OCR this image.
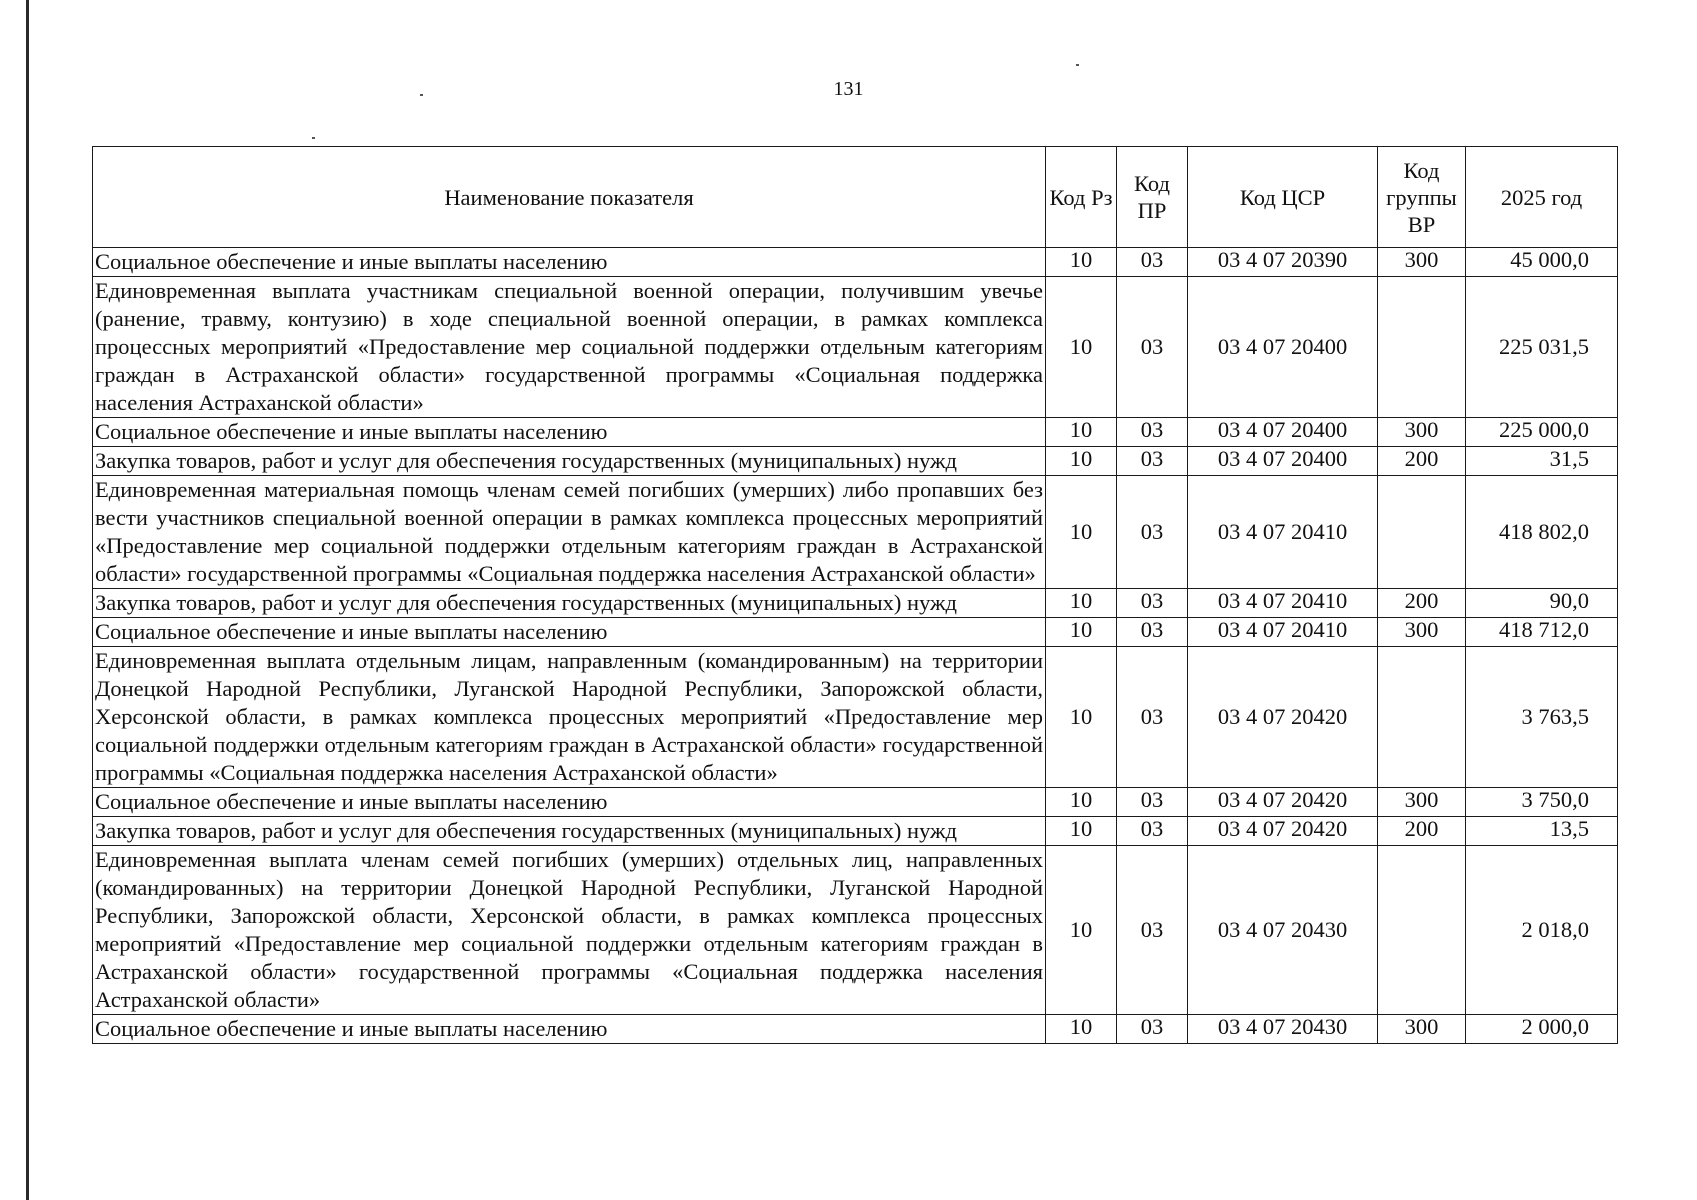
131
Наименование показателя	Код Рз	Код ПР	Код ЦСР	Код группы ВР	2025 год
Социальное обеспечение и иные выплаты населению	10	03	03 4 07 20390	300	45 000,0
Единовременная выплата участникам специальной военной операции, получившим увечье (ранение, травму, контузию) в ходе специальной военной операции, в рамках комплекса процессных мероприятий «Предоставление мер социальной поддержки отдельным категориям граждан в Астраханской области» государственной программы «Социальная поддержка населения Астраханской области»	10	03	03 4 07 20400		225 031,5
Социальное обеспечение и иные выплаты населению	10	03	03 4 07 20400	300	225 000,0
Закупка товаров, работ и услуг для обеспечения государственных (муниципальных) нужд	10	03	03 4 07 20400	200	31,5
Единовременная материальная помощь членам семей погибших (умерших) либо пропавших без вести участников специальной военной операции в рамках комплекса процессных мероприятий «Предоставление мер социальной поддержки отдельным категориям граждан в Астраханской области» государственной программы «Социальная поддержка населения Астраханской области»	10	03	03 4 07 20410		418 802,0
Закупка товаров, работ и услуг для обеспечения государственных (муниципальных) нужд	10	03	03 4 07 20410	200	90,0
Социальное обеспечение и иные выплаты населению	10	03	03 4 07 20410	300	418 712,0
Единовременная выплата отдельным лицам, направленным (командированным) на территории Донецкой Народной Республики, Луганской Народной Республики, Запорожской области, Херсонской области, в рамках комплекса процессных мероприятий «Предоставление мер социальной поддержки отдельным категориям граждан в Астраханской области» государственной программы «Социальная поддержка населения Астраханской области»	10	03	03 4 07 20420		3 763,5
Социальное обеспечение и иные выплаты населению	10	03	03 4 07 20420	300	3 750,0
Закупка товаров, работ и услуг для обеспечения государственных (муниципальных) нужд	10	03	03 4 07 20420	200	13,5
Единовременная выплата членам семей погибших (умерших) отдельных лиц, направленных (командированных) на территории Донецкой Народной Республики, Луганской Народной Республики, Запорожской области, Херсонской области, в рамках комплекса процессных мероприятий «Предоставление мер социальной поддержки отдельным категориям граждан в Астраханской области» государственной программы «Социальная поддержка населения Астраханской области»	10	03	03 4 07 20430		2 018,0
Социальное обеспечение и иные выплаты населению	10	03	03 4 07 20430	300	2 000,0
